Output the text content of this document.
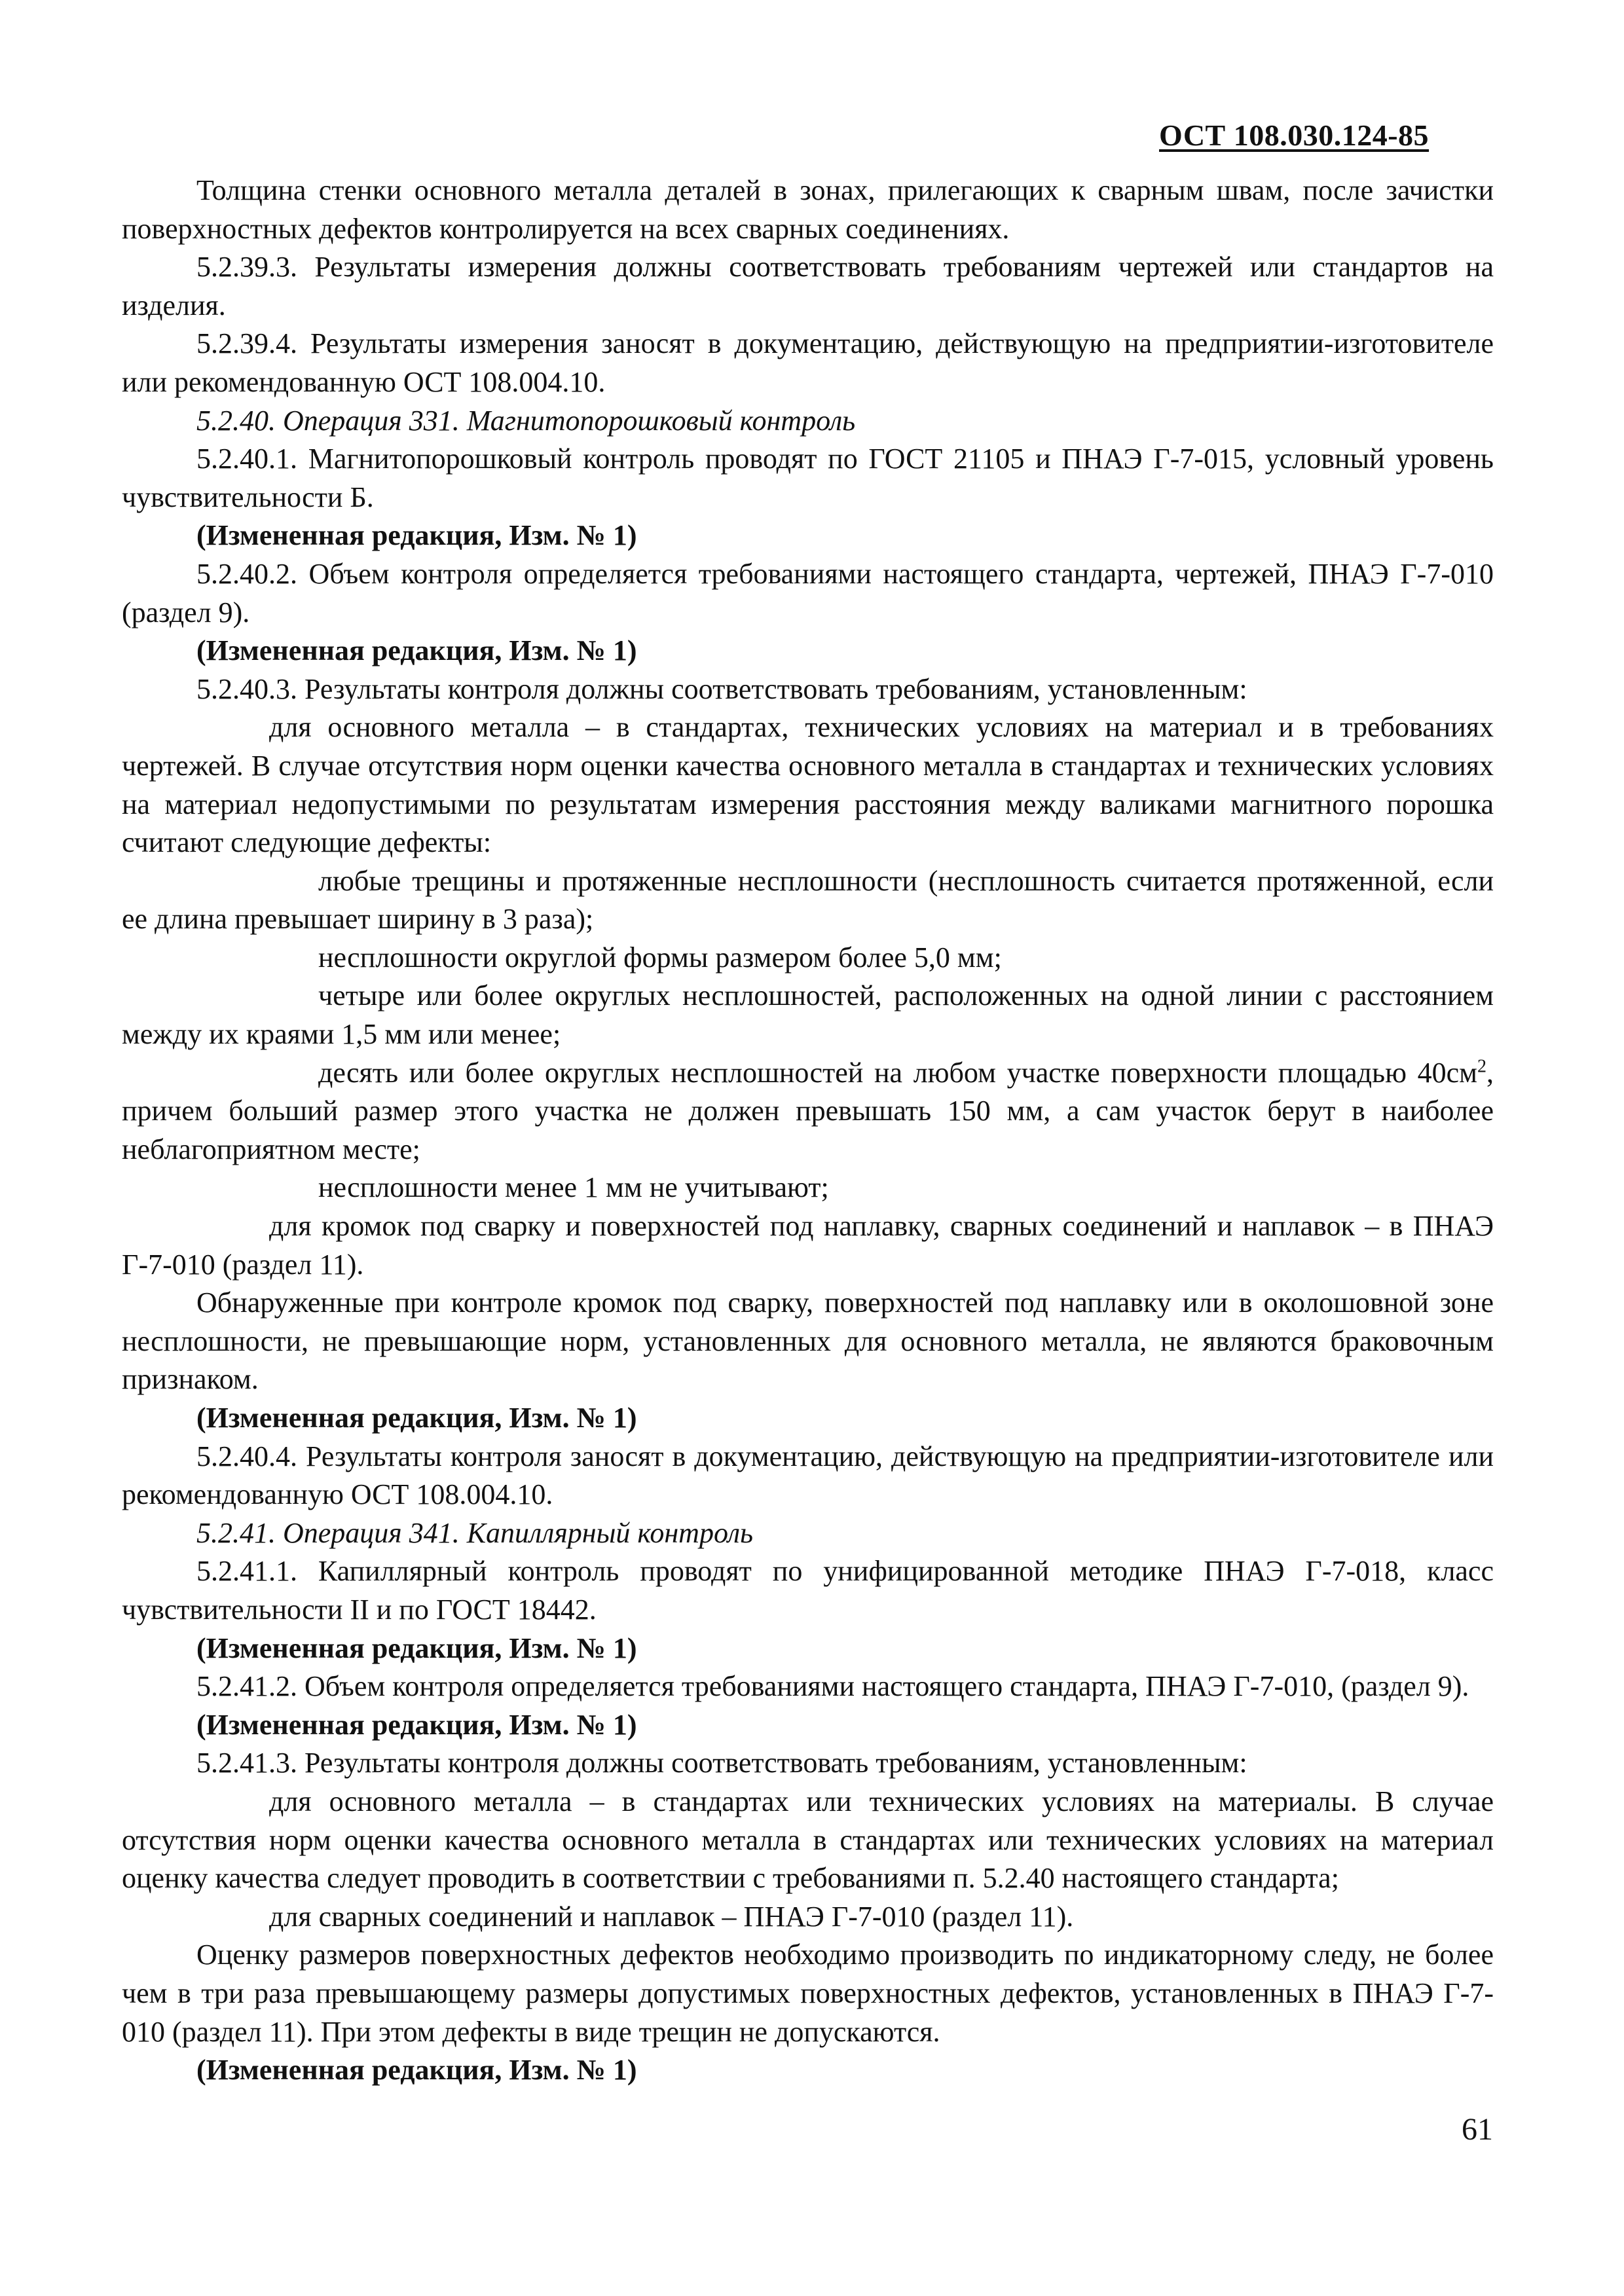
ОСТ 108.030.124-85

Толщина стенки основного металла деталей в зонах, прилегающих к сварным швам, после зачистки поверхностных дефектов контролируется на всех сварных соединениях.

5.2.39.3. Результаты измерения должны соответствовать требованиям чертежей или стандартов на изделия.

5.2.39.4. Результаты измерения заносят в документацию, действующую на предприятии-изготовителе или рекомендованную ОСТ 108.004.10.

5.2.40. Операция 331. Магнитопорошковый контроль

5.2.40.1. Магнитопорошковый контроль проводят по ГОСТ 21105 и ПНАЭ Г-7-015, условный уровень чувствительности Б.

(Измененная редакция, Изм. № 1)

5.2.40.2. Объем контроля определяется требованиями настоящего стандарта, чертежей, ПНАЭ Г-7-010 (раздел 9).

(Измененная редакция, Изм. № 1)

5.2.40.3. Результаты контроля должны соответствовать требованиям, установленным:

для основного металла – в стандартах, технических условиях на материал и в требованиях чертежей. В случае отсутствия норм оценки качества основного металла в стандартах и технических условиях на материал недопустимыми по результатам измерения расстояния между валиками магнитного порошка считают следующие дефекты:

любые трещины и протяженные несплошности (несплошность считается протяженной, если ее длина превышает ширину в 3 раза);

несплошности округлой формы размером более 5,0 мм;

четыре или более округлых несплошностей, расположенных на одной линии с расстоянием между их краями 1,5 мм или менее;

десять или более округлых несплошностей на любом участке поверхности площадью $40см^2$, причем больший размер этого участка не должен превышать 150 мм, а сам участок берут в наиболее неблагоприятном месте;

несплошности менее 1 мм не учитывают;

для кромок под сварку и поверхностей под наплавку, сварных соединений и наплавок – в ПНАЭ Г-7-010 (раздел 11).

Обнаруженные при контроле кромок под сварку, поверхностей под наплавку или в околошовной зоне несплошности, не превышающие норм, установленных для основного металла, не являются браковочным признаком.

(Измененная редакция, Изм. № 1)

5.2.40.4. Результаты контроля заносят в документацию, действующую на предприятии-изготовителе или рекомендованную ОСТ 108.004.10.

5.2.41. Операция 341. Капиллярный контроль

5.2.41.1. Капиллярный контроль проводят по унифицированной методике ПНАЭ Г-7-018, класс чувствительности II и по ГОСТ 18442.

(Измененная редакция, Изм. № 1)

5.2.41.2. Объем контроля определяется требованиями настоящего стандарта, ПНАЭ Г-7-010, (раздел 9).

(Измененная редакция, Изм. № 1)

5.2.41.3. Результаты контроля должны соответствовать требованиям, установленным:

для основного металла – в стандартах или технических условиях на материалы. В случае отсутствия норм оценки качества основного металла в стандартах или технических условиях на материал оценку качества следует проводить в соответствии с требованиями п. 5.2.40 настоящего стандарта;

для сварных соединений и наплавок – ПНАЭ Г-7-010 (раздел 11).

Оценку размеров поверхностных дефектов необходимо производить по индикаторному следу, не более чем в три раза превышающему размеры допустимых поверхностных дефектов, установленных в ПНАЭ Г-7-010 (раздел 11). При этом дефекты в виде трещин не допускаются.

(Измененная редакция, Изм. № 1)

61
